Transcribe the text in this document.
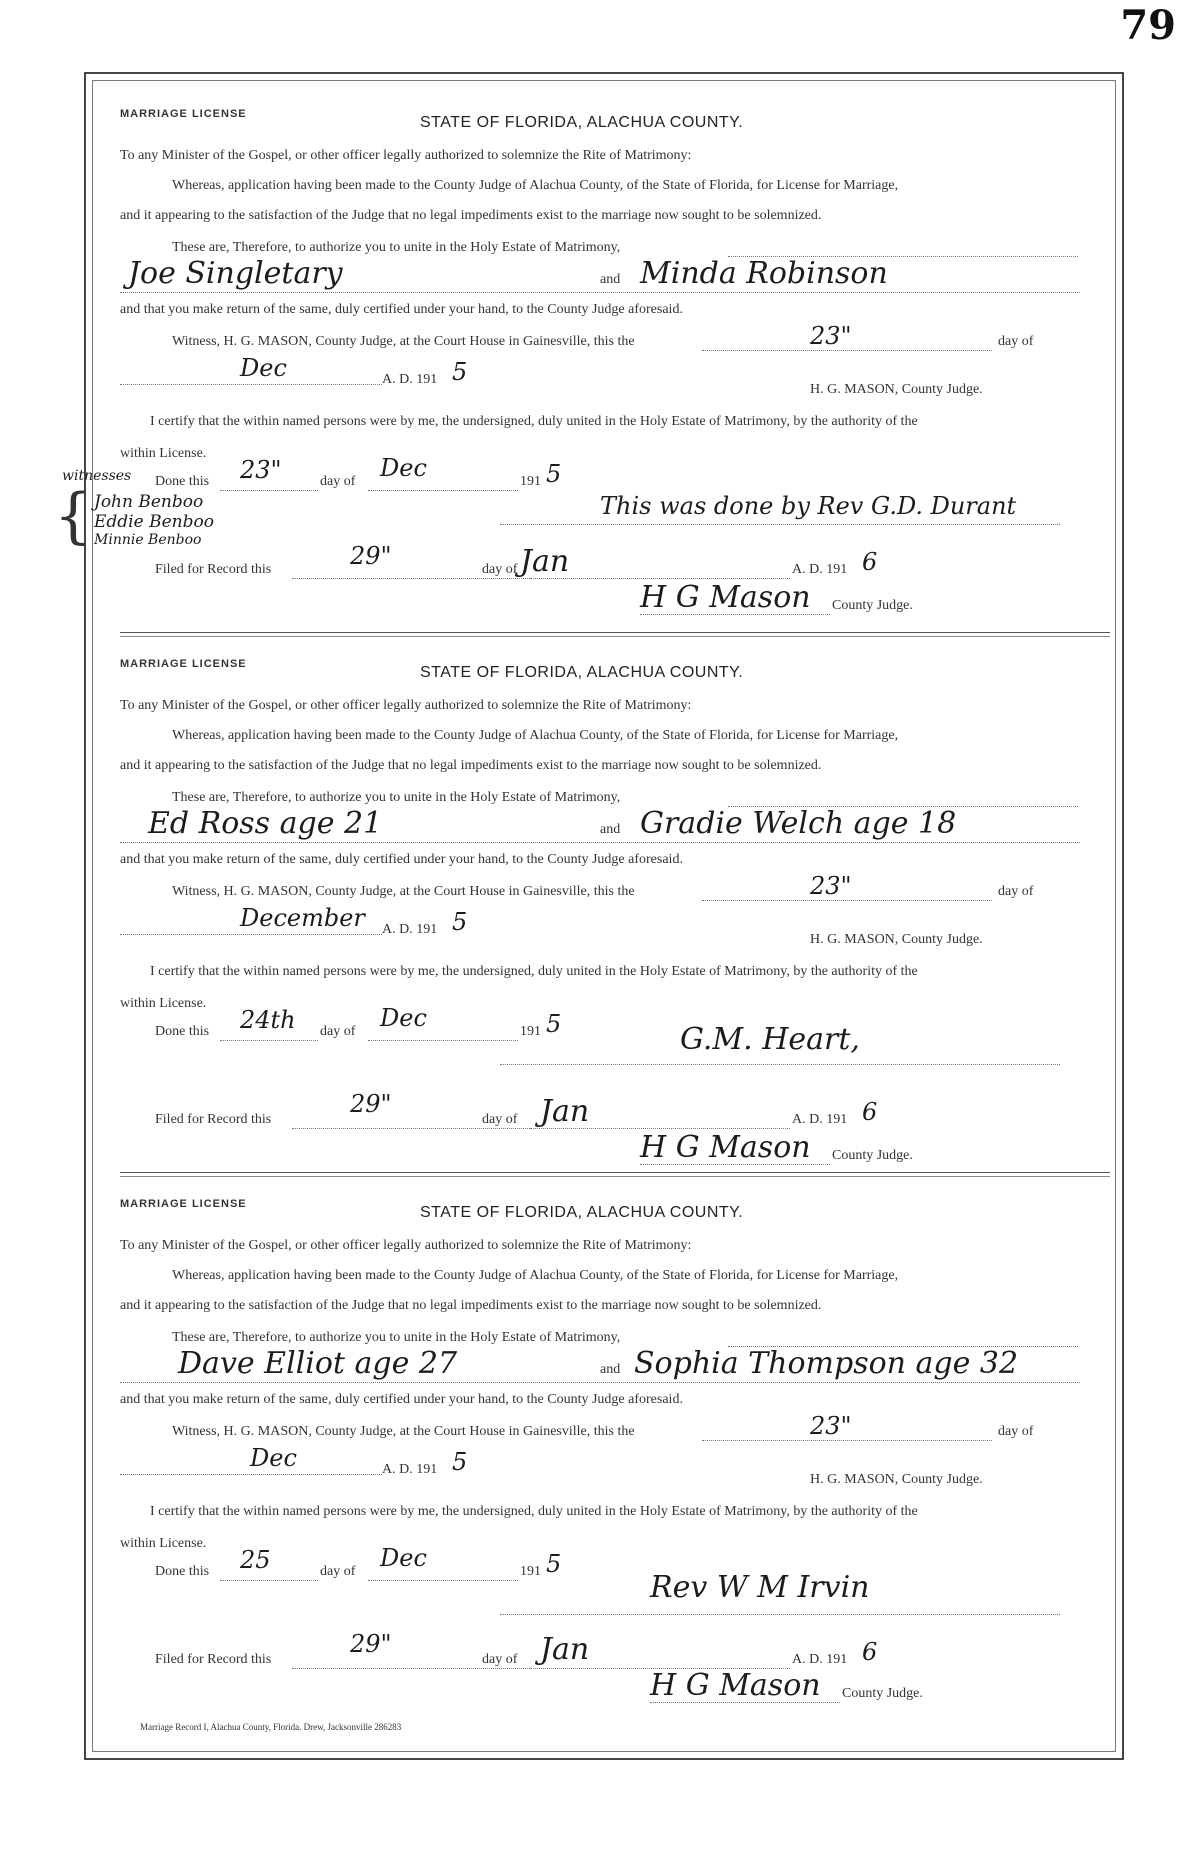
79
MARRIAGE LICENSE	STATE OF FLORIDA, ALACHUA COUNTY.
To any Minister of the Gospel, or other officer legally authorized to solemnize the Rite of Matrimony:
Whereas, application having been made to the County Judge of Alachua County, of the State of Florida, for License for Marriage,
and it appearing to the satisfaction of the Judge that no legal impediments exist to the marriage now sought to be solemnized.
These are, Therefore, to authorize you to unite in the Holy Estate of Matrimony,
Joe Singletary	and Minda Robinson
and that you make return of the same, duly certified under your hand, to the County Judge aforesaid.
Witness, H. G. MASON, County Judge, at the Court House in Gainesville, this the	23"	day of
Dec	A. D. 191 5
H. G. MASON, County Judge.
I certify that the within named persons were by me, the undersigned, duly united in the Holy Estate of Matrimony, by the authority of the
within License.
Done this 23"	day of Dec	191 5
witnesses
{ John Benboo
Eddie Benboo
Minnie Benboo
This was done by Rev G.D. Durant
Filed for Record this	29"	day of Jan	A. D. 191 6
H G Mason County Judge.
MARRIAGE LICENSE	STATE OF FLORIDA, ALACHUA COUNTY.
To any Minister of the Gospel, or other officer legally authorized to solemnize the Rite of Matrimony:
Whereas, application having been made to the County Judge of Alachua County, of the State of Florida, for License for Marriage,
and it appearing to the satisfaction of the Judge that no legal impediments exist to the marriage now sought to be solemnized.
These are, Therefore, to authorize you to unite in the Holy Estate of Matrimony,
Ed Ross age 21	and Gradie Welch age 18
and that you make return of the same, duly certified under your hand, to the County Judge aforesaid.
Witness, H. G. MASON, County Judge, at the Court House in Gainesville, this the	23"	day of
December A. D. 191 5
H. G. MASON, County Judge.
I certify that the within named persons were by me, the undersigned, duly united in the Holy Estate of Matrimony, by the authority of the
within License.
Done this 24th day of Dec	191 5	G.M. Heart,
Filed for Record this
29"
day of Jan	A. D. 191 6
H G Mason County Judge.
MARRIAGE LICENSE	STATE OF FLORIDA, ALACHUA COUNTY.
To any Minister of the Gospel, or other officer legally authorized to solemnize the Rite of Matrimony:
Whereas, application having been made to the County Judge of Alachua County, of the State of Florida, for License for Marriage,
and it appearing to the satisfaction of the Judge that no legal impediments exist to the marriage now sought to be solemnized.
These are, Therefore, to authorize you to unite in the Holy Estate of Matrimony,
Dave Elliot age 27	and Sophia Thompson age 32
and that you make return of the same, duly certified under your hand, to the County Judge aforesaid.
Witness, H. G. MASON, County Judge, at the Court House in Gainesville, this the	23"	day of
Dec	A. D. 191 5
H. G. MASON, County Judge.
I certify that the within named persons were by me, the undersigned, duly united in the Holy Estate of Matrimony, by the authority of the
within License.
Done this 25	day of Dec	191 5
Rev W M Irvin
Filed for Record this
29"
day of Jan	A. D. 191 6
H G Mason County Judge.
Marriage Record I, Alachua County, Florida. Drew, Jacksonville 286283
